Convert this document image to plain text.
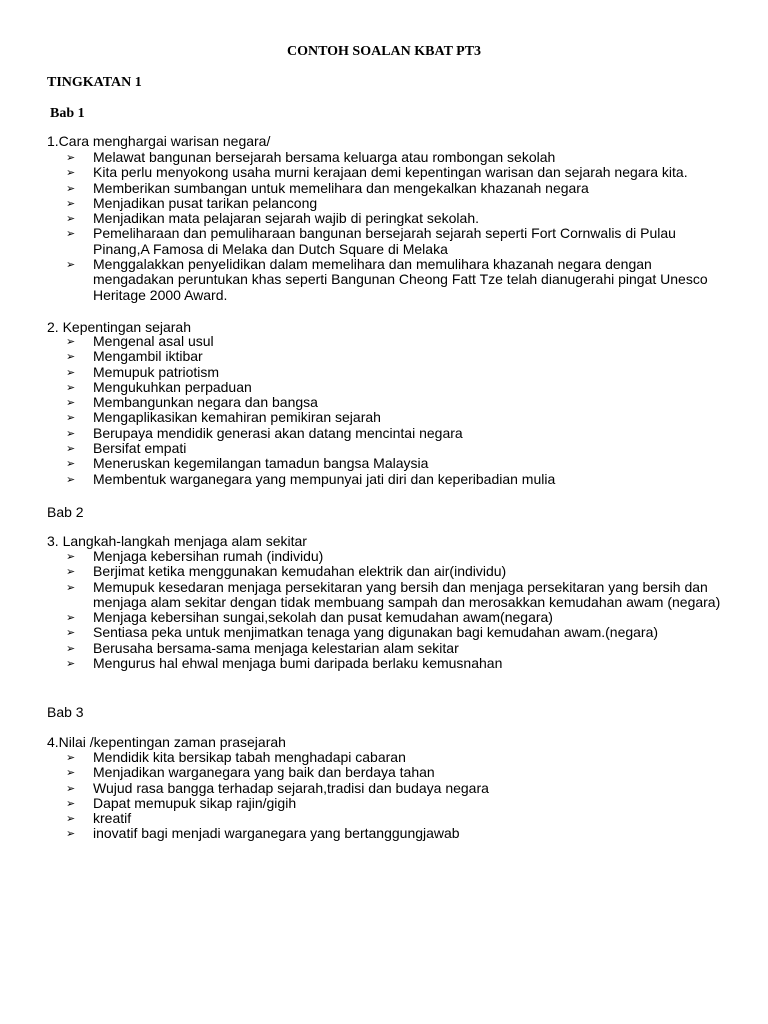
CONTOH SOALAN KBAT PT3
TINGKATAN 1
Bab 1
1.Cara menghargai warisan negara/
➢ Melawat bangunan bersejarah bersama keluarga atau rombongan sekolah
➢ Kita perlu menyokong usaha murni kerajaan demi kepentingan warisan dan sejarah negara kita.
➢ Memberikan sumbangan untuk memelihara dan mengekalkan khazanah negara
➢ Menjadikan pusat tarikan pelancong
➢ Menjadikan mata pelajaran sejarah wajib di peringkat sekolah.
➢ Pemeliharaan dan pemuliharaan bangunan bersejarah sejarah seperti Fort Cornwalis di Pulau Pinang,A Famosa di Melaka dan Dutch Square di Melaka
➢ Menggalakkan penyelidikan dalam memelihara dan memulihara khazanah negara dengan mengadakan peruntukan khas seperti Bangunan Cheong Fatt Tze telah dianugerahi pingat Unesco Heritage 2000 Award.
2. Kepentingan sejarah
➢ Mengenal asal usul
➢ Mengambil iktibar
➢ Memupuk patriotism
➢ Mengukuhkan perpaduan
➢ Membangunkan negara dan bangsa
➢ Mengaplikasikan kemahiran pemikiran sejarah
➢ Berupaya mendidik generasi akan datang mencintai negara
➢ Bersifat empati
➢ Meneruskan kegemilangan tamadun bangsa Malaysia
➢ Membentuk warganegara yang mempunyai jati diri dan keperibadian mulia
Bab 2
3. Langkah-langkah menjaga alam sekitar
➢ Menjaga kebersihan rumah (individu)
➢ Berjimat ketika menggunakan kemudahan elektrik dan air(individu)
➢ Memupuk kesedaran menjaga persekitaran yang bersih dan menjaga persekitaran yang bersih dan menjaga alam sekitar dengan tidak membuang sampah dan merosakkan kemudahan awam (negara)
➢ Menjaga kebersihan sungai,sekolah dan pusat kemudahan awam(negara)
➢ Sentiasa peka untuk menjimatkan tenaga yang digunakan bagi kemudahan awam.(negara)
➢ Berusaha bersama-sama menjaga kelestarian alam sekitar
➢ Mengurus hal ehwal menjaga bumi daripada berlaku kemusnahan
Bab 3
4.Nilai /kepentingan zaman prasejarah
➢ Mendidik kita bersikap tabah menghadapi cabaran
➢ Menjadikan warganegara yang baik dan berdaya tahan
➢ Wujud rasa bangga terhadap sejarah,tradisi dan budaya negara
➢ Dapat memupuk sikap rajin/gigih
➢ kreatif
➢ inovatif bagi menjadi warganegara yang bertanggungjawab
